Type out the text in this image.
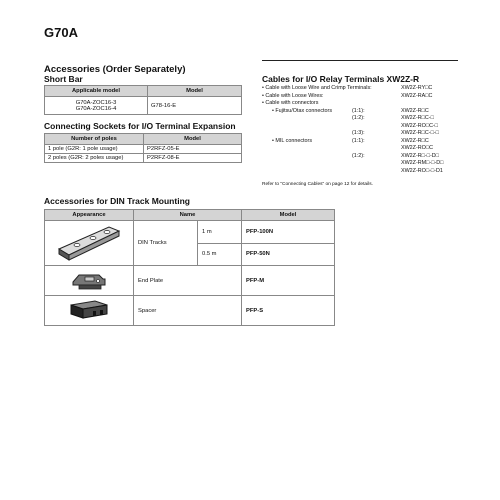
G70A
Accessories (Order Separately)
Short Bar
Applicable model	Model

G70A-ZOC16-3
G70A-ZOC16-4	G78-16-E
Connecting Sockets for I/O Terminal Expansion
Number of poles	Model
1 pole (G2R: 1 pole usage)	P2RFZ-05-E
2 poles (G2R: 2 poles usage)	P2RFZ-08-E
Cables for I/O Relay Terminals XW2Z-R
• Cable with Loose Wire and Crimp Terminals:	XW2Z-RY□C
• Cable with Loose Wires:	XW2Z-RA□C
• Cable with connectors
• Fujitsu/Otax connectors	(1:1):	XW2Z-R□C
(1:2):	XW2Z-R□C-□
XW2Z-RO□C-□
(1:3):	XW2Z-R□C-□-□
• MIL connectors	(1:1):	XW2Z-R□C
XW2Z-RO□C
(1:2):	XW2Z-R□-□-D□
XW2Z-RM□-□-D□
XW2Z-RO□-□-D1
Refer to “Connecting Cables” on page 12 for details.
Accessories for DIN Track Mounting
Appearance	Name		Model
	DIN Tracks	1 m	PFP-100N
		0.5 m	PFP-50N
	End Plate		PFP-M
	Spacer		PFP-S
